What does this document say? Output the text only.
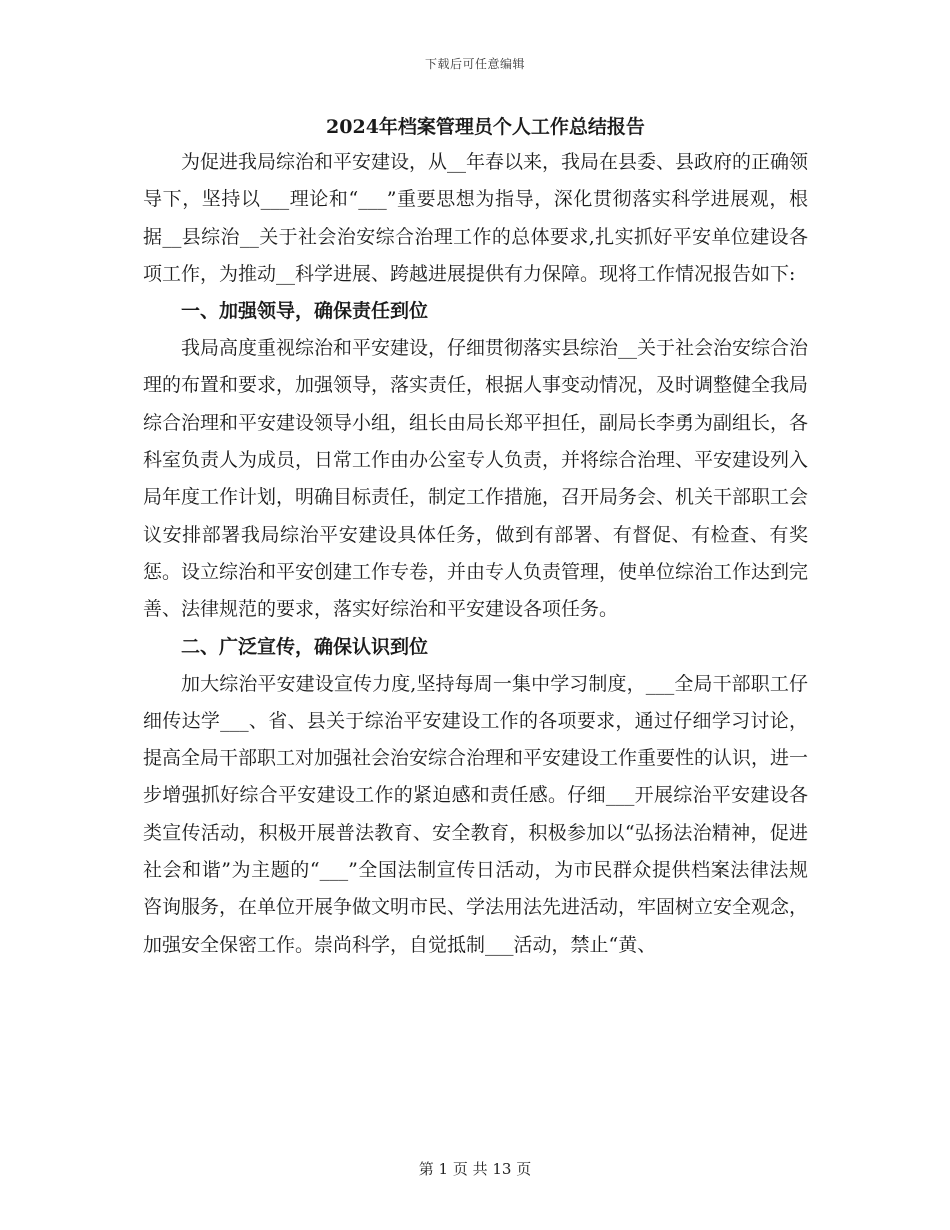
下载后可任意编辑
2024年档案管理员个人工作总结报告

为促进我局综治和平安建设，从__年春以来，我局在县委、县政府的正确领导下，坚持以___理论和“___”重要思想为指导，深化贯彻落实科学进展观，根据__县综治__关于社会治安综合治理工作的总体要求,扎实抓好平安单位建设各项工作，为推动__科学进展、跨越进展提供有力保障。现将工作情况报告如下:

一、加强领导，确保责任到位

我局高度重视综治和平安建设，仔细贯彻落实县综治__关于社会治安综合治理的布置和要求，加强领导，落实责任，根据人事变动情况，及时调整健全我局综合治理和平安建设领导小组，组长由局长郑平担任，副局长李勇为副组长，各科室负责人为成员，日常工作由办公室专人负责，并将综合治理、平安建设列入局年度工作计划，明确目标责任，制定工作措施，召开局务会、机关干部职工会议安排部署我局综治平安建设具体任务，做到有部署、有督促、有检查、有奖惩。设立综治和平安创建工作专卷，并由专人负责管理，使单位综治工作达到完善、法律规范的要求，落实好综治和平安建设各项任务。

二、广泛宣传，确保认识到位

加大综治平安建设宣传力度,坚持每周一集中学习制度，___全局干部职工仔细传达学___、省、县关于综治平安建设工作的各项要求，通过仔细学习讨论，提高全局干部职工对加强社会治安综合治理和平安建设工作重要性的认识，进一步增强抓好综合平安建设工作的紧迫感和责任感。仔细___开展综治平安建设各类宣传活动，积极开展普法教育、安全教育，积极参加以“弘扬法治精神，促进社会和谐”为主题的“___”全国法制宣传日活动，为市民群众提供档案法律法规咨询服务，在单位开展争做文明市民、学法用法先进活动，牢固树立安全观念，加强安全保密工作。崇尚科学，自觉抵制___活动，禁止“黄、

第 1 页 共 13 页
